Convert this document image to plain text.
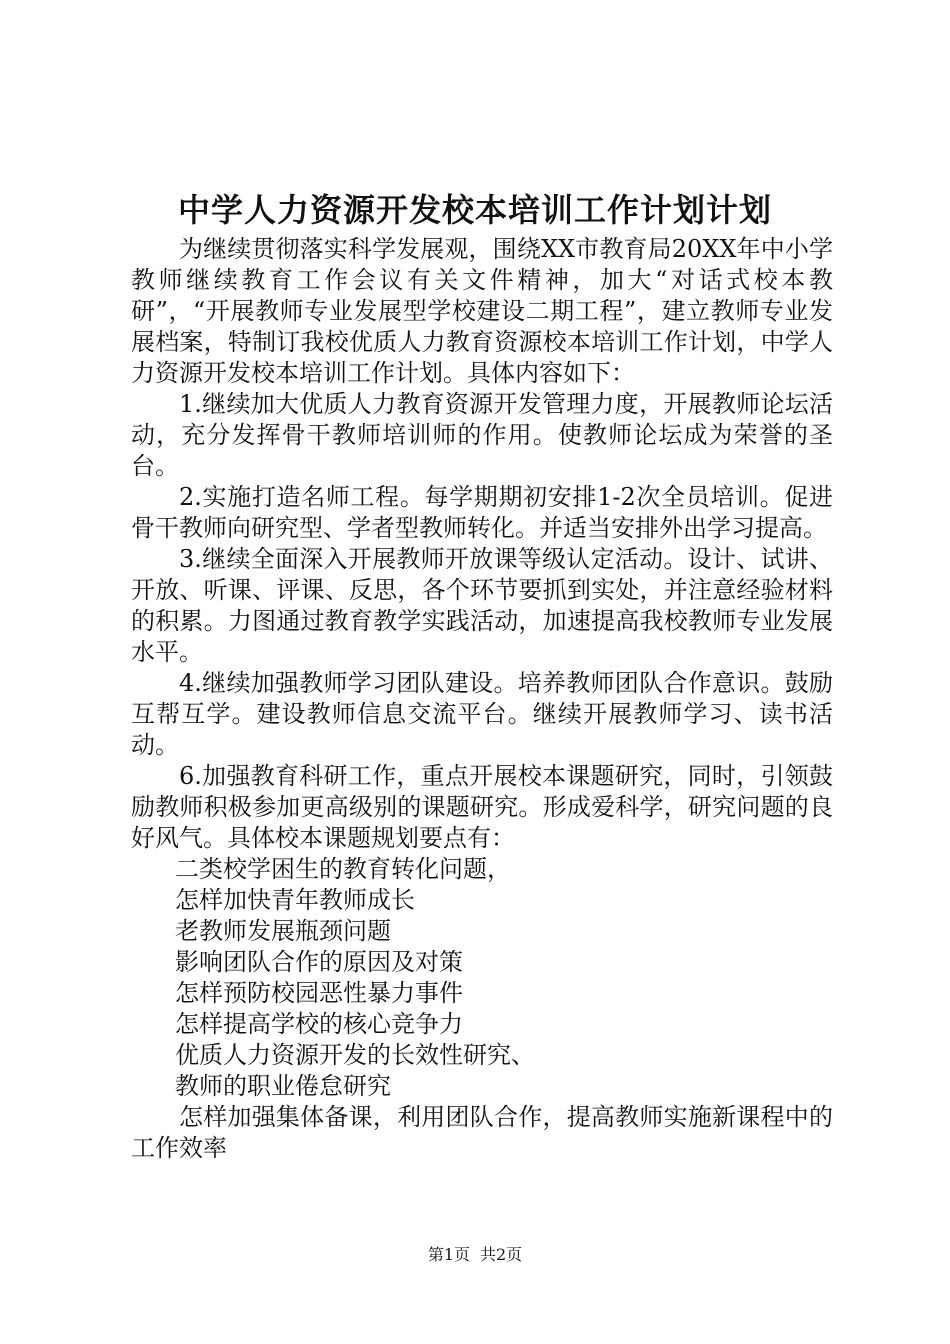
中学人力资源开发校本培训工作计划计划

为继续贯彻落实科学发展观，围绕XX市教育局20XX年中小学教师继续教育工作会议有关文件精神，加大“对话式校本教研”，“开展教师专业发展型学校建设二期工程”，建立教师专业发展档案，特制订我校优质人力教育资源校本培训工作计划，中学人力资源开发校本培训工作计划。具体内容如下：

1.继续加大优质人力教育资源开发管理力度，开展教师论坛活动，充分发挥骨干教师培训师的作用。使教师论坛成为荣誉的圣台。

2.实施打造名师工程。每学期期初安排1-2次全员培训。促进骨干教师向研究型、学者型教师转化。并适当安排外出学习提高。

3.继续全面深入开展教师开放课等级认定活动。设计、试讲、开放、听课、评课、反思，各个环节要抓到实处，并注意经验材料的积累。力图通过教育教学实践活动，加速提高我校教师专业发展水平。

4.继续加强教师学习团队建设。培养教师团队合作意识。鼓励互帮互学。建设教师信息交流平台。继续开展教师学习、读书活动。

6.加强教育科研工作，重点开展校本课题研究，同时，引领鼓励教师积极参加更高级别的课题研究。形成爱科学，研究问题的良好风气。具体校本课题规划要点有：

二类校学困生的教育转化问题，

怎样加快青年教师成长

老教师发展瓶颈问题

影响团队合作的原因及对策

怎样预防校园恶性暴力事件

怎样提高学校的核心竞争力

优质人力资源开发的长效性研究、

教师的职业倦怠研究

怎样加强集体备课，利用团队合作，提高教师实施新课程中的工作效率

第1页 共2页
